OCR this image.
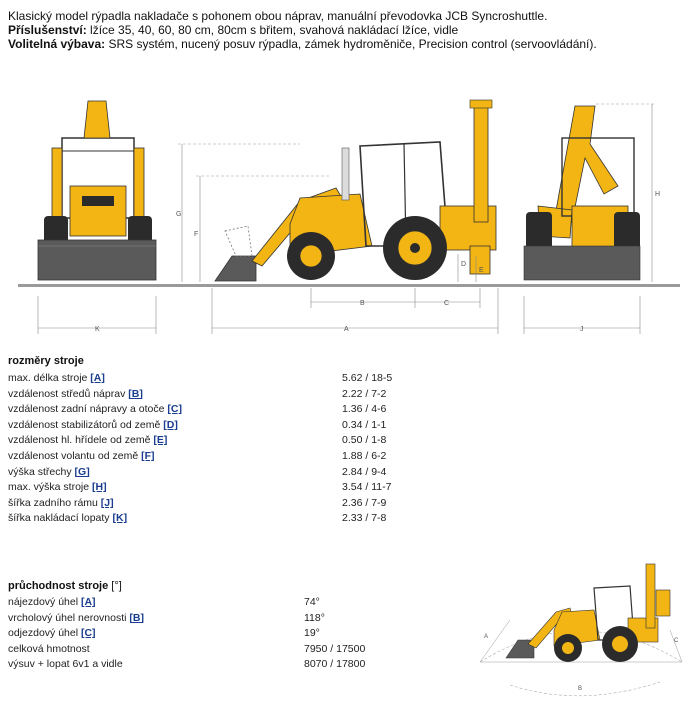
Klasický model rýpadla nakladače s pohonem obou náprav, manuální převodovka JCB Syncroshuttle.
Příslušenství: lžíce 35, 40, 60, 80 cm, 80cm s břitem, svahová nakládací lžíce, vidle
Volitelná výbava: SRS systém, nucený posuv rýpadla, zámek hydroměniče, Precision control (servoovládání).
K
G
F
D
E
B	C
A
H
J
rozměry stroje
max. délka stroje [A]	5.62 / 18-5
vzdálenost středů náprav [B]	2.22 / 7-2
vzdálenost zadní nápravy a otoče [C]	1.36 / 4-6
vzdálenost stabilizátorů od země [D]	0.34 / 1-1
vzdálenost hl. hřídele od země [E]	0.50 / 1-8
vzdálenost volantu od země [F]	1.88 / 6-2
výška střechy [G]	2.84 / 9-4
max. výška stroje [H]	3.54 / 11-7
šířka zadního rámu [J]	2.36 / 7-9
šířka nakládací lopaty [K]	2.33 / 7-8
průchodnost stroje [°]
nájezdový úhel [A]	74°
vrcholový úhel nerovnosti [B]	118°
odjezdový úhel [C]	19°
celková hmotnost	7950 / 17500
výsuv + lopat 6v1 a vidle	8070 / 17800
A
B
C
